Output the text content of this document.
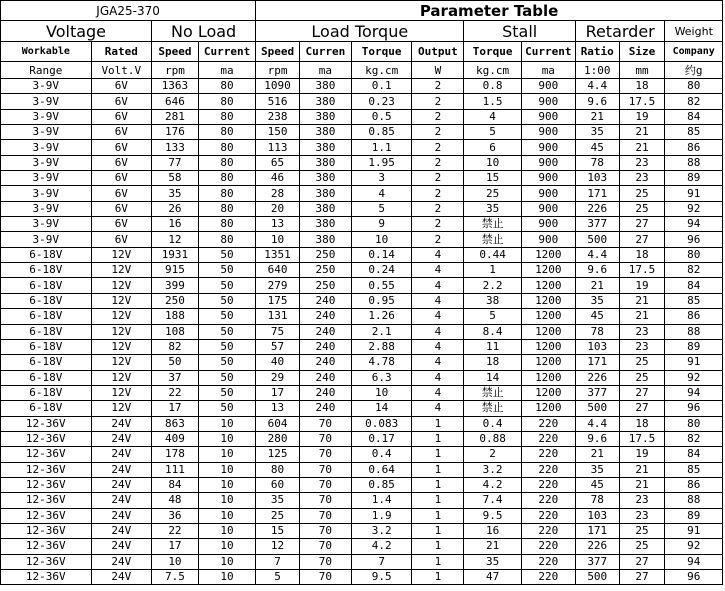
JGA25-370				Parameter Table								
Voltage		No Load		Load Torque				Stall		Retarder		Weight
Workable	Rated	Speed	Current	Speed	Curren	Torque	Output	Torque	Current	Ratio	Size	Company
Range	Volt.V	rpm	ma	rpm	ma	kg.cm	W	kg.cm	ma	1:00	mm	约g
3-9V	6V	1363	80	1090	380	0.1	2	0.8	900	4.4	18	80
3-9V	6V	646	80	516	380	0.23	2	1.5	900	9.6	17.5	82
3-9V	6V	281	80	238	380	0.5	2	4	900	21	19	84
3-9V	6V	176	80	150	380	0.85	2	5	900	35	21	85
3-9V	6V	133	80	113	380	1.1	2	6	900	45	21	86
3-9V	6V	77	80	65	380	1.95	2	10	900	78	23	88
3-9V	6V	58	80	46	380	3	2	15	900	103	23	89
3-9V	6V	35	80	28	380	4	2	25	900	171	25	91
3-9V	6V	26	80	20	380	5	2	35	900	226	25	92
3-9V	6V	16	80	13	380	9	2	禁止	900	377	27	94
3-9V	6V	12	80	10	380	10	2	禁止	900	500	27	96
6-18V	12V	1931	50	1351	250	0.14	4	0.44	1200	4.4	18	80
6-18V	12V	915	50	640	250	0.24	4	1	1200	9.6	17.5	82
6-18V	12V	399	50	279	250	0.55	4	2.2	1200	21	19	84
6-18V	12V	250	50	175	240	0.95	4	38	1200	35	21	85
6-18V	12V	188	50	131	240	1.26	4	5	1200	45	21	86
6-18V	12V	108	50	75	240	2.1	4	8.4	1200	78	23	88
6-18V	12V	82	50	57	240	2.88	4	11	1200	103	23	89
6-18V	12V	50	50	40	240	4.78	4	18	1200	171	25	91
6-18V	12V	37	50	29	240	6.3	4	14	1200	226	25	92
6-18V	12V	22	50	17	240	10	4	禁止	1200	377	27	94
6-18V	12V	17	50	13	240	14	4	禁止	1200	500	27	96
12-36V	24V	863	10	604	70	0.083	1	0.4	220	4.4	18	80
12-36V	24V	409	10	280	70	0.17	1	0.88	220	9.6	17.5	82
12-36V	24V	178	10	125	70	0.4	1	2	220	21	19	84
12-36V	24V	111	10	80	70	0.64	1	3.2	220	35	21	85
12-36V	24V	84	10	60	70	0.85	1	4.2	220	45	21	86
12-36V	24V	48	10	35	70	1.4	1	7.4	220	78	23	88
12-36V	24V	36	10	25	70	1.9	1	9.5	220	103	23	89
12-36V	24V	22	10	15	70	3.2	1	16	220	171	25	91
12-36V	24V	17	10	12	70	4.2	1	21	220	226	25	92
12-36V	24V	10	10	7	70	7	1	35	220	377	27	94
12-36V	24V	7.5	10	5	70	9.5	1	47	220	500	27	96
